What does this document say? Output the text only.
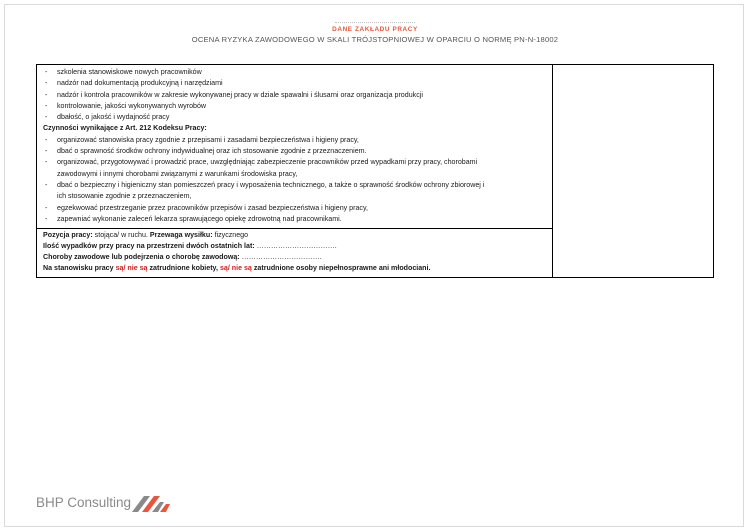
DANE ZAKŁADU PRACY
OCENA RYZYKA ZAWODOWEGO W SKALI TRÓJSTOPNIOWEJ W OPARCIU O NORMĘ PN-N-18002
- szkolenia stanowiskowe nowych pracowników
- nadzór nad dokumentacją produkcyjną i narzędziami
- nadzór i kontrola pracowników w zakresie wykonywanej pracy w dziale spawalni i ślusarni oraz organizacja produkcji
- kontrolowanie, jakości wykonywanych wyrobów
- dbałość, o jakość i wydajność pracy
Czynności wynikające z Art. 212 Kodeksu Pracy:
- organizować stanowiska pracy zgodnie z przepisami i zasadami bezpieczeństwa i higieny pracy,
- dbać o sprawność środków ochrony indywidualnej oraz ich stosowanie zgodnie z przeznaczeniem.
- organizować, przygotowywać i prowadzić prace, uwzględniając zabezpieczenie pracowników przed wypadkami przy pracy, chorobami
zawodowymi i innymi chorobami związanymi z warunkami środowiska pracy,
- dbać o bezpieczny i higieniczny stan pomieszczeń pracy i wyposażenia technicznego, a także o sprawność środków ochrony zbiorowej i
ich stosowanie zgodnie z przeznaczeniem,
- egzekwować przestrzeganie przez pracowników przepisów i zasad bezpieczeństwa i higieny pracy,
- zapewniać wykonanie zaleceń lekarza sprawującego opiekę zdrowotną nad pracownikami.
Pozycja pracy: stojąca/ w ruchu. Przewaga wysiłku: fizycznego
Ilość wypadków przy pracy na przestrzeni dwóch ostatnich lat: …………………………….
Choroby zawodowe lub podejrzenia o chorobę zawodową: …………………………….
Na stanowisku pracy są/ nie są zatrudnione kobiety, są/ nie są zatrudnione osoby niepełnosprawne ani młodociani.
BHP Consulting
